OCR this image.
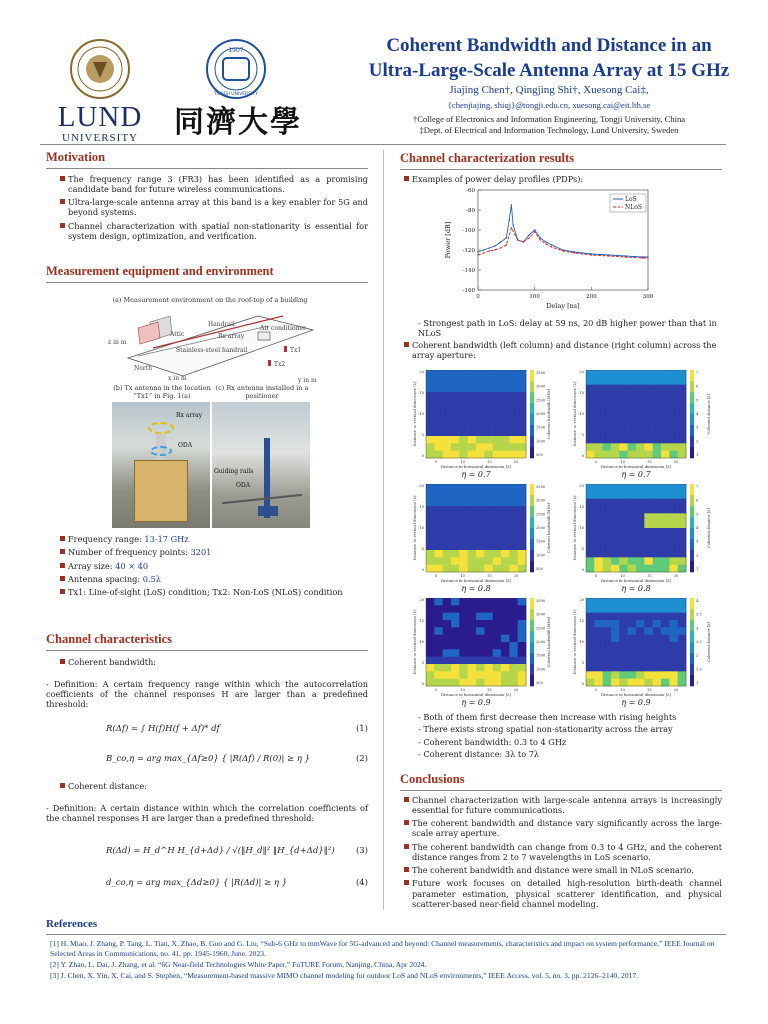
LUND
UNIVERSITY
1907
TONGJI UNIVERSITY
同濟大學
Coherent Bandwidth and Distance in an
Ultra-Large-Scale Antenna Array at 15 GHz
Jiajing Chen†, Qingjing Shi†, Xuesong Cai‡,
{chenjiajing, shiqj}@tongji.edu.cn, xuesong.cai@eit.lth.se
†College of Electronics and Information Engineering, Tongji University, China
‡Dept. of Electrical and Information Technology, Lund University, Sweden
Motivation
The frequency range 3 (FR3) has been identified as a promising candidate band for future wireless communications.
Ultra-large-scale antenna array at this band is a key enabler for 5G and beyond systems.
Channel characterization with spatial non-stationarity is essential for system design, optimization, and verification.
Measurement equipment and environment
(a) Measurement environment on the roof-top of a building
Handrail
Attic	Rx array
Air conditioner
Stainless-steel handrail
North
Tx1
Tx2
z in m
x in m	y in m
(b) Tx antenna in the location “Tx1” in Fig. 1(a)
(c) Rx antenna installed in a positioner
Rx array
ODA
Guiding rails
ODA
Frequency range: 13-17 GHz
Number of frequency points: 3201
Array size: 40 × 40
Antenna spacing: 0.5λ
Tx1: Line-of-sight (LoS) condition; Tx2: Non-LoS (NLoS) condition
Channel characteristics
Coherent bandwidth:
- Definition: A certain frequency range within which the autocorrelation coefficients of the channel responses H are larger than a predefined threshold:
R(Δf) = ∫ H(f)H(f + Δf)* df	(1)
B_co,η = arg max_{Δf≥0} { |R(Δf) / R(0)| ≥ η }	(2)
Coherent distance:
- Definition: A certain distance within which the correlation coefficients of the channel responses H are larger than a predefined threshold:
R(Δd) = H_d^H H_{d+Δd} / √(‖H_d‖² ‖H_{d+Δd}‖²)	(3)
d_co,η = arg max_{Δd≥0} { |R(Δd)| ≥ η }	(4)
Channel characterization results
Examples of power delay profiles (PDPs):
-60
-80
-100
-120
-140
-160
0	100	200	300
Delay [ns]
Power [dB]
LoS
NLoS
- Strongest path in LoS: delay at 59 ns, 20 dB higher power than that in NLoS
Coherent bandwidth (left column) and distance (right column) across the array aperture:
3500
3000
2500
2000
1500
1000
500
Coherent bandwidth [MHz]
5	10	15	20
20
15
10
5
0
Distance in horizontal dimension [λ]
Distance in vertical dimension [λ]
η = 0.7
7
6
5
4
3
2
1
Coherent distance [λ]
5	10	15	20
20
15
10
5
0
Distance in horizontal dimension [λ]
Distance in vertical dimension [λ]
η = 0.7
3500
3000
2500
2000
1500
1000
500
Coherent bandwidth [MHz]
5	10	15	20
20
15
10
5
0
Distance in horizontal dimension [λ]
Distance in vertical dimension [λ]
η = 0.8
7
6
5
4
3
2
1
Coherent distance [λ]
5	10	15	20
20
15
10
5
0
Distance in horizontal dimension [λ]
Distance in vertical dimension [λ]
η = 0.8
3500
3000
2500
2000
1500
1000
500
Coherent bandwidth [MHz]
5	10	15	20
20
15
10
5
0
Distance in horizontal dimension [λ]
Distance in vertical dimension [λ]
η = 0.9
4
3.5
3
2.5
2
1.5
1
Coherent distance [λ]
5	10	15	20
20
15
10
5
0
Distance in horizontal dimension [λ]
Distance in vertical dimension [λ]
η = 0.9
- Both of them first decrease then increase with rising heights
- There exists strong spatial non-stationarity across the array
- Coherent bandwidth: 0.3 to 4 GHz
- Coherent distance: 3λ to 7λ
Conclusions
Channel characterization with large-scale antenna arrays is increasingly essential for future communications.
The coherent bandwidth and distance vary significantly across the large-scale array aperture.
The coherent bandwidth can change from 0.3 to 4 GHz, and the coherent distance ranges from 2 to 7 wavelengths in LoS scenario.
The coherent bandwidth and distance were small in NLoS scenario.
Future work focuses on detailed high-resolution birth-death channel parameter estimation, physical scatterer identification, and physical scatterer-based near-field channel modeling.
References
[1] H. Miao, J. Zhang, P. Tang, L. Tian, X. Zhao, B. Guo and G. Liu, “Sub-6 GHz to mmWave for 5G-advanced and beyond: Channel measurements, characteristics and impact on system performance,” IEEE Journal on Selected Areas in Communications, no. 41, pp. 1945-1960, June. 2023.
[2] Y. Zhao, L. Dai, J. Zhang, et al. “6G Near-field Technologies White Paper,” FuTURE Forum, Nanjing, China, Apr 2024.
[3] J. Chen, X. Yin, X. Cai, and S. Stephen, “Measurement-based massive MIMO channel modeling for outdoor LoS and NLoS environments,” IEEE Access, vol. 5, no. 3, pp. 2126–2140, 2017.
